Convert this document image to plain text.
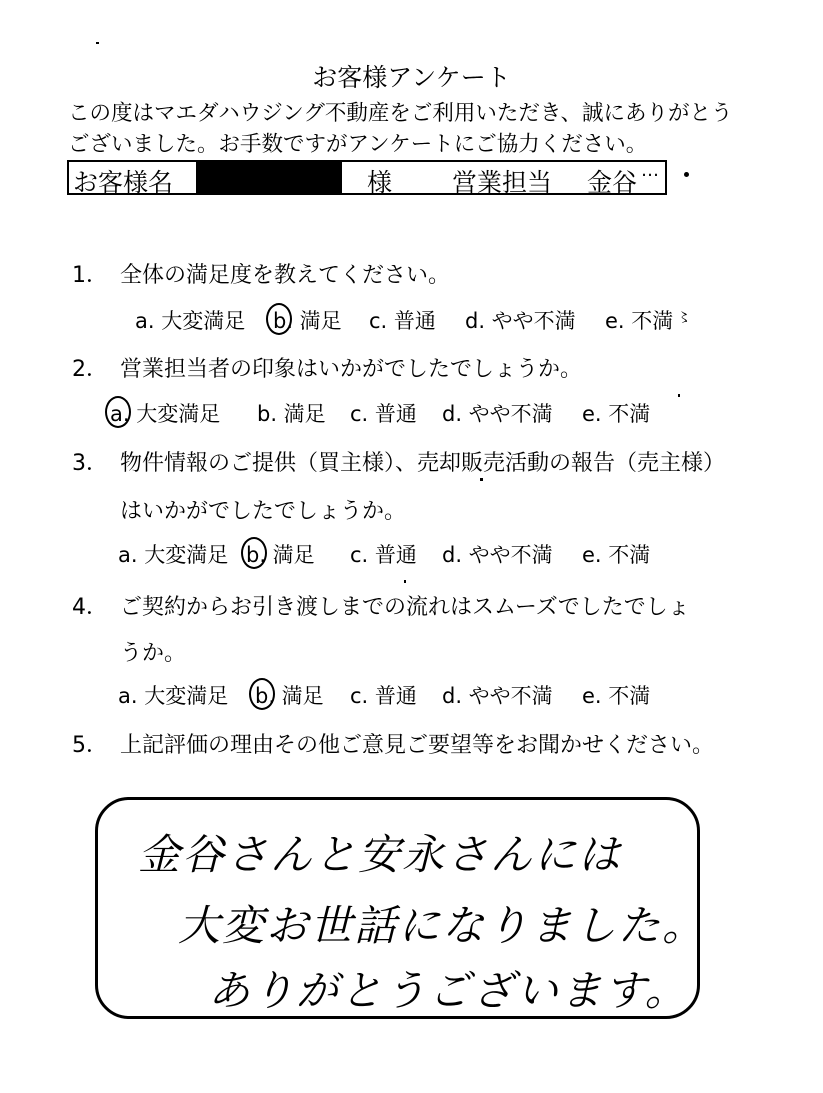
お客様アンケート
この度はマエダハウジング不動産をご利用いただき、誠にありがとうございました。お手数ですがアンケートにご協力ください。
お客様名	様 営業担当 金谷 …
1． 全体の満足度を教えてください。
a. 大変満足 b. 満足 c. 普通 d. やや不満 e. 不満 〻
2． 営業担当者の印象はいかがでしたでしょうか。
a. 大変満足 b. 満足 c. 普通 d. やや不満 e. 不満
3． 物件情報のご提供（買主様）、売却販売活動の報告（売主様）
はいかがでしたでしょうか。
a. 大変満足 b. 満足 c. 普通 d. やや不満 e. 不満
4． ご契約からお引き渡しまでの流れはスムーズでしたでしょ
うか。
a. 大変満足 b. 満足 c. 普通 d. やや不満 e. 不満
5． 上記評価の理由その他ご意見ご要望等をお聞かせください。
金谷さんと安永さんには
大変お世話になりました。
ありがとうございます。
